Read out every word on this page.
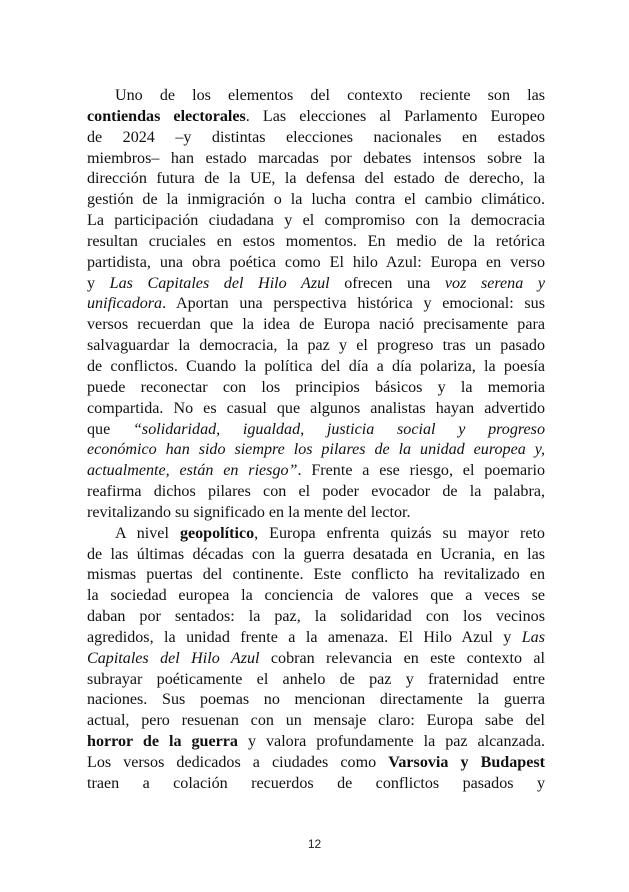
Uno de los elementos del contexto reciente son las
contiendas electorales. Las elecciones al Parlamento Europeo
de 2024 –y distintas elecciones nacionales en estados
miembros– han estado marcadas por debates intensos sobre la
dirección futura de la UE, la defensa del estado de derecho, la
gestión de la inmigración o la lucha contra el cambio climático.
La participación ciudadana y el compromiso con la democracia
resultan cruciales en estos momentos. En medio de la retórica
partidista, una obra poética como El hilo Azul: Europa en verso
y Las Capitales del Hilo Azul ofrecen una voz serena y
unificadora. Aportan una perspectiva histórica y emocional: sus
versos recuerdan que la idea de Europa nació precisamente para
salvaguardar la democracia, la paz y el progreso tras un pasado
de conflictos. Cuando la política del día a día polariza, la poesía
puede reconectar con los principios básicos y la memoria
compartida. No es casual que algunos analistas hayan advertido
que “solidaridad, igualdad, justicia social y progreso
económico han sido siempre los pilares de la unidad europea y,
actualmente, están en riesgo”. Frente a ese riesgo, el poemario
reafirma dichos pilares con el poder evocador de la palabra,
revitalizando su significado en la mente del lector.
A nivel geopolítico, Europa enfrenta quizás su mayor reto
de las últimas décadas con la guerra desatada en Ucrania, en las
mismas puertas del continente. Este conflicto ha revitalizado en
la sociedad europea la conciencia de valores que a veces se
daban por sentados: la paz, la solidaridad con los vecinos
agredidos, la unidad frente a la amenaza. El Hilo Azul y Las
Capitales del Hilo Azul cobran relevancia en este contexto al
subrayar poéticamente el anhelo de paz y fraternidad entre
naciones. Sus poemas no mencionan directamente la guerra
actual, pero resuenan con un mensaje claro: Europa sabe del
horror de la guerra y valora profundamente la paz alcanzada.
Los versos dedicados a ciudades como Varsovia y Budapest
traen a colación recuerdos de conflictos pasados y
12
